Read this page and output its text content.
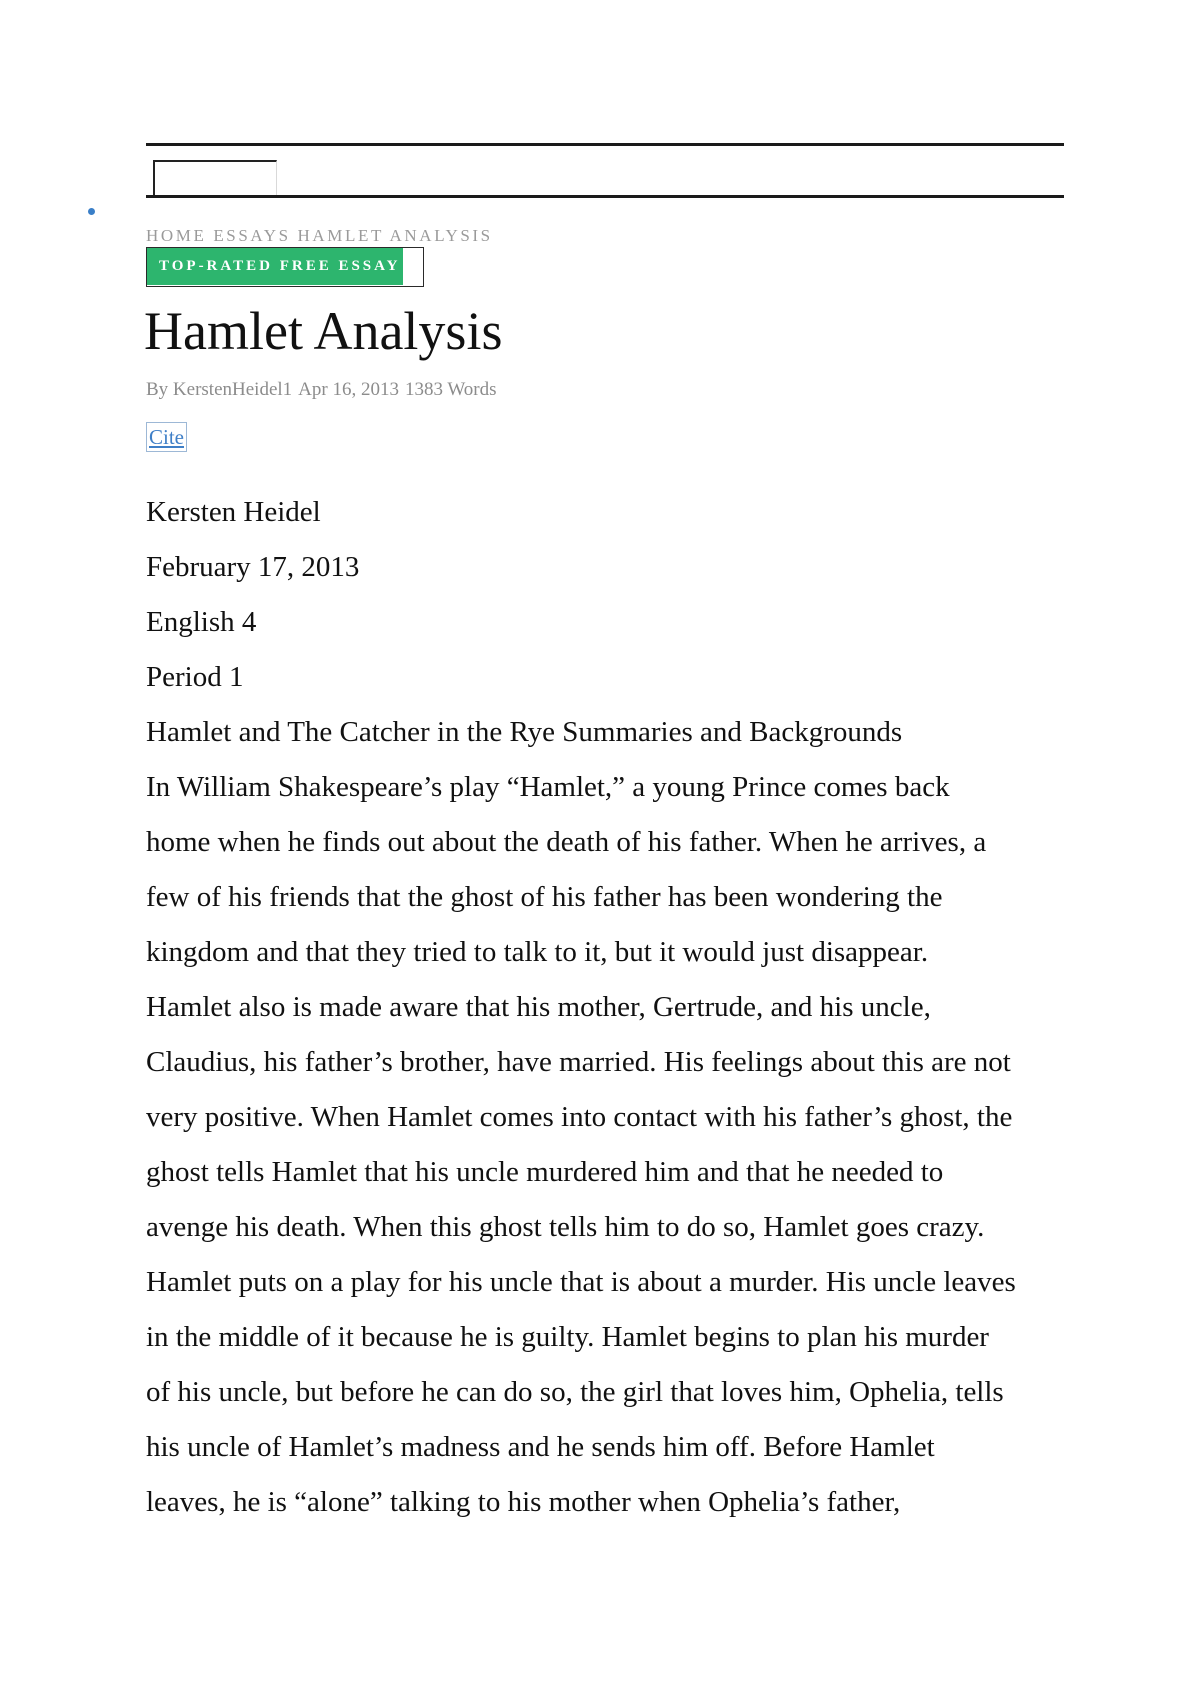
HOME ESSAYS HAMLET ANALYSIS
TOP-RATED FREE ESSAY
Hamlet Analysis
By KerstenHeidel1 Apr 16, 2013 1383 Words
Cite

Kersten Heidel

February 17, 2013

English 4

Period 1

Hamlet and The Catcher in the Rye Summaries and Backgrounds

In William Shakespeare’s play “Hamlet,” a young Prince comes back

home when he finds out about the death of his father. When he arrives, a

few of his friends that the ghost of his father has been wondering the

kingdom and that they tried to talk to it, but it would just disappear.

Hamlet also is made aware that his mother, Gertrude, and his uncle,

Claudius, his father’s brother, have married. His feelings about this are not

very positive. When Hamlet comes into contact with his father’s ghost, the

ghost tells Hamlet that his uncle murdered him and that he needed to

avenge his death. When this ghost tells him to do so, Hamlet goes crazy.

Hamlet puts on a play for his uncle that is about a murder. His uncle leaves

in the middle of it because he is guilty. Hamlet begins to plan his murder

of his uncle, but before he can do so, the girl that loves him, Ophelia, tells

his uncle of Hamlet’s madness and he sends him off. Before Hamlet

leaves, he is “alone” talking to his mother when Ophelia’s father,
